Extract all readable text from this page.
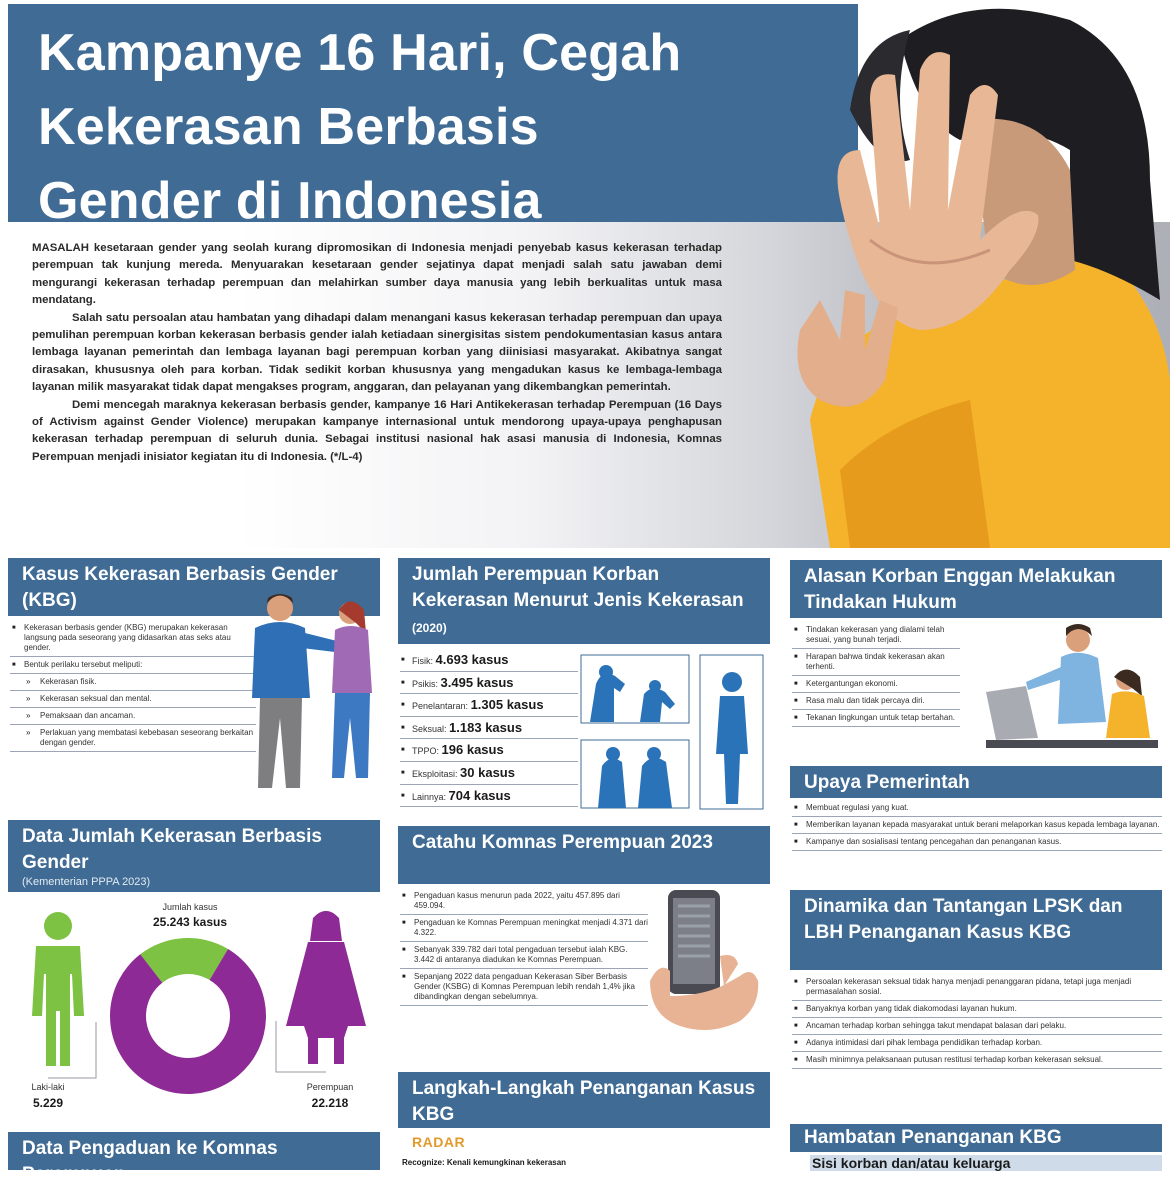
Kampanye 16 Hari, Cegah
Kekerasan Berbasis
Gender di Indonesia

MASALAH kesetaraan gender yang seolah kurang dipromosikan di Indonesia menjadi penyebab kasus kekerasan terhadap perempuan tak kunjung mereda. Menyuarakan kesetaraan gender sejatinya dapat menjadi salah satu jawaban demi mengurangi kekerasan terhadap perempuan dan melahirkan sumber daya manusia yang lebih berkualitas untuk masa mendatang.

Salah satu persoalan atau hambatan yang dihadapi dalam menangani kasus kekerasan terhadap perempuan dan upaya pemulihan perempuan korban kekerasan berbasis gender ialah ketiadaan sinergisitas sistem pendokumentasian kasus antara lembaga layanan pemerintah dan lembaga layanan bagi perempuan korban yang diinisiasi masyarakat. Akibatnya sangat dirasakan, khususnya oleh para korban. Tidak sedikit korban khususnya yang mengadukan kasus ke lembaga-lembaga layanan milik masyarakat tidak dapat mengakses program, anggaran, dan pelayanan yang dikembangkan pemerintah.

Demi mencegah maraknya kekerasan berbasis gender, kampanye 16 Hari Antikekerasan terhadap Perempuan (16 Days of Activism against Gender Violence) merupakan kampanye internasional untuk mendorong upaya-upaya penghapusan kekerasan terhadap perempuan di seluruh dunia. Sebagai institusi nasional hak asasi manusia di Indonesia, Komnas Perempuan menjadi inisiator kegiatan itu di Indonesia. (*/L-4)

Kasus Kekerasan Berbasis Gender (KBG)
■ Kekerasan berbasis gender (KBG) merupakan kekerasan langsung pada seseorang yang didasarkan atas seks atau gender.
■ Bentuk perilaku tersebut meliputi:
» Kekerasan fisik.
» Kekerasan seksual dan mental.
» Pemaksaan dan ancaman.
» Perlakuan yang membatasi kebebasan seseorang berkaitan dengan gender.
Data Jumlah Kekerasan Berbasis Gender
(Kementerian PPPA 2023)
Jumlah kasus
25.243 kasus
Laki-laki
5.229
Perempuan
22.218
Data Pengaduan ke Komnas Perempuan
Jumlah Perempuan Korban Kekerasan Menurut Jenis Kekerasan (2020)
■ Fisik: 4.693 kasus
■ Psikis: 3.495 kasus
■ Penelantaran: 1.305 kasus
■ Seksual: 1.183 kasus
■ TPPO: 196 kasus
■ Eksploitasi: 30 kasus
■ Lainnya: 704 kasus
Catahu Komnas Perempuan 2023
■ Pengaduan kasus menurun pada 2022, yaitu 457.895 dari 459.094.
■ Pengaduan ke Komnas Perempuan meningkat menjadi 4.371 dari 4.322.
■ Sebanyak 339.782 dari total pengaduan tersebut ialah KBG. 3.442 di antaranya diadukan ke Komnas Perempuan.
■ Sepanjang 2022 data pengaduan Kekerasan Siber Berbasis Gender (KSBG) di Komnas Perempuan lebih rendah 1,4% jika dibandingkan dengan sebelumnya.
Langkah-Langkah Penanganan Kasus KBG
RADAR
Recognize: Kenali kemungkinan kekerasan
Alasan Korban Enggan Melakukan Tindakan Hukum
■ Tindakan kekerasan yang dialami telah sesuai, yang bunah terjadi.
■ Harapan bahwa tindak kekerasan akan terhenti.
■ Ketergantungan ekonomi.
■ Rasa malu dan tidak percaya diri.
■ Tekanan lingkungan untuk tetap bertahan.
Upaya Pemerintah
■ Membuat regulasi yang kuat.
■ Memberikan layanan kepada masyarakat untuk berani melaporkan kasus kepada lembaga layanan.
■ Kampanye dan sosialisasi tentang pencegahan dan penanganan kasus.
Dinamika dan Tantangan LPSK dan LBH Penanganan Kasus KBG
■ Persoalan kekerasan seksual tidak hanya menjadi penanggaran pidana, tetapi juga menjadi permasalahan sosial.
■ Banyaknya korban yang tidak diakomodasi layanan hukum.
■ Ancaman terhadap korban sehingga takut mendapat balasan dari pelaku.
■ Adanya intimidasi dari pihak lembaga pendidikan terhadap korban.
■ Masih minimnya pelaksanaan putusan restitusi terhadap korban kekerasan seksual.
Hambatan Penanganan KBG
Sisi korban dan/atau keluarga
